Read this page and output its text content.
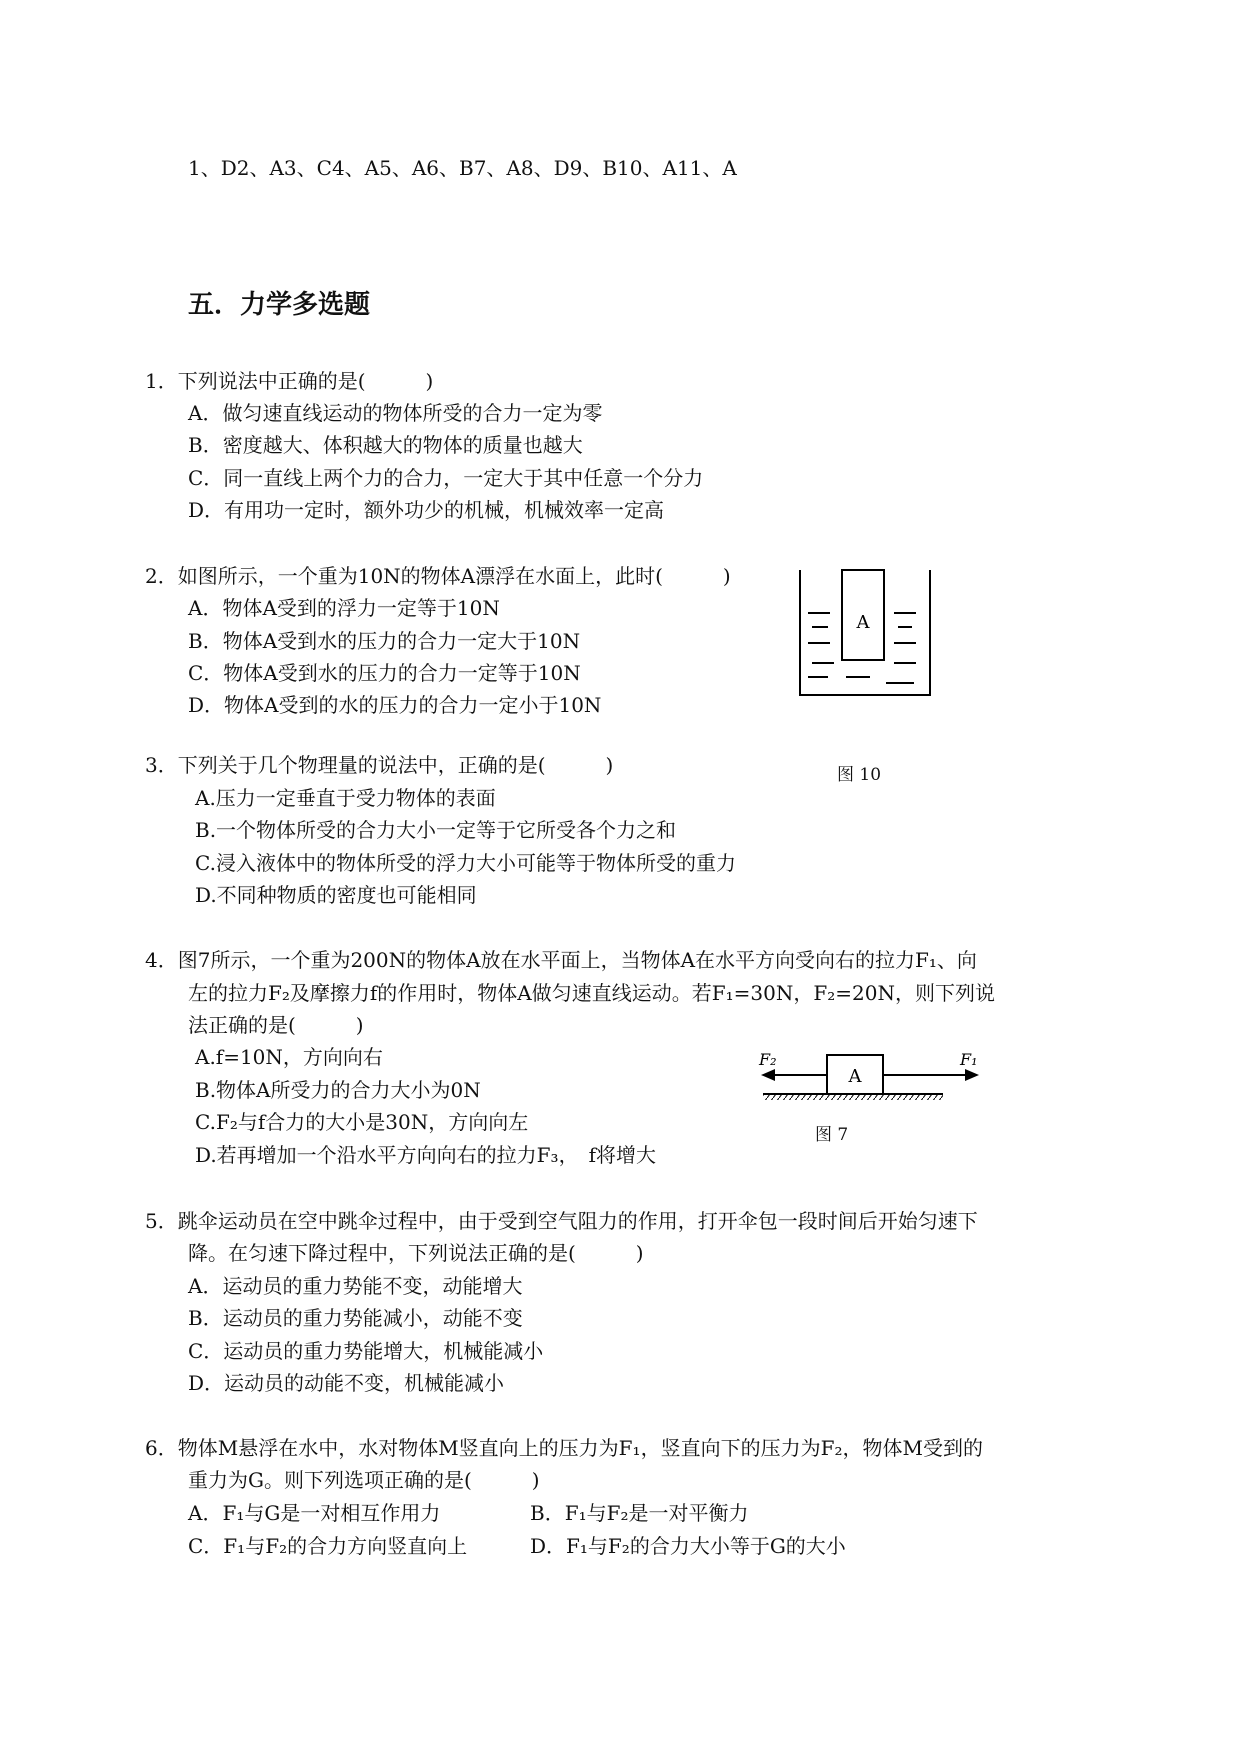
1、D2、A3、C4、A5、A6、B7、A8、D9、B10、A11、A
五．力学多选题
1．下列说法中正确的是(　　　)
A．做匀速直线运动的物体所受的合力一定为零
B．密度越大、体积越大的物体的质量也越大
C．同一直线上两个力的合力，一定大于其中任意一个分力
D．有用功一定时，额外功少的机械，机械效率一定高
2．如图所示，一个重为10N的物体A漂浮在水面上，此时(　　　)
A．物体A受到的浮力一定等于10N
B．物体A受到水的压力的合力一定大于10N
C．物体A受到水的压力的合力一定等于10N
D．物体A受到的水的压力的合力一定小于10N
A
图 10
3．下列关于几个物理量的说法中，正确的是(　　　)
A.压力一定垂直于受力物体的表面
B.一个物体所受的合力大小一定等于它所受各个力之和
C.浸入液体中的物体所受的浮力大小可能等于物体所受的重力
D.不同种物质的密度也可能相同
4．图7所示，一个重为200N的物体A放在水平面上，当物体A在水平方向受向右的拉力F₁、向
左的拉力F₂及摩擦力f的作用时，物体A做匀速直线运动。若F₁=30N，F₂=20N，则下列说
法正确的是(　　　)
A.f=10N，方向向右
B.物体A所受力的合力大小为0N
C.F₂与f合力的大小是30N，方向向左
D.若再增加一个沿水平方向向右的拉力F₃，　f将增大
A
F₂	F₁
图 7
5．跳伞运动员在空中跳伞过程中，由于受到空气阻力的作用，打开伞包一段时间后开始匀速下
降。在匀速下降过程中，下列说法正确的是(　　　)
A．运动员的重力势能不变，动能增大
B．运动员的重力势能减小，动能不变
C．运动员的重力势能增大，机械能减小
D．运动员的动能不变，机械能减小
6．物体M悬浮在水中，水对物体M竖直向上的压力为F₁，竖直向下的压力为F₂，物体M受到的
重力为G。则下列选项正确的是(　　　)
A．F₁与G是一对相互作用力	B．F₁与F₂是一对平衡力
C．F₁与F₂的合力方向竖直向上	D．F₁与F₂的合力大小等于G的大小
